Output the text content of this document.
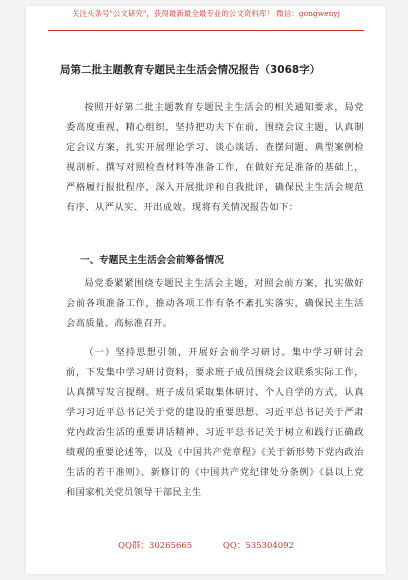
关注头条号"公文研究"，获得最新最全最专业的公文资料库！ 微信：gongwenyj
局第二批主题教育专题民主生活会情况报告（3068字）
按照开好第二批主题教育专题民主生活会的相关通知要求，局党委高度重视，精心组织，坚持把功夫下在前，围绕会议主题，认真制定会议方案，扎实开展理论学习、谈心谈话、查摆问题、典型案例检视剖析、撰写对照检查材料等准备工作，在做好充足准备的基础上，严格履行报批程序，深入开展批评和自我批评，确保民主生活会规范有序、从严从实、开出成效。现将有关情况报告如下：
一、专题民主生活会会前筹备情况
局党委紧紧围绕专题民主生活会主题，对照会前方案，扎实做好会前各项准备工作，推动各项工作有条不紊扎实落实，确保民主生活会高质量、高标准召开。
（一）坚持思想引领，开展好会前学习研讨。集中学习研讨会前，下发集中学习研讨资料，要求班子成员围绕会议联系实际工作，认真撰写发言提纲。班子成员采取集体研讨、个人自学的方式，认真学习习近平总书记关于党的建设的重要思想、习近平总书记关于严肃党内政治生活的重要讲话精神、习近平总书记关于树立和践行正确政绩观的重要论述等，以及《中国共产党章程》《关于新形势下党内政治生活的若干准则》、新修订的《中国共产党纪律处分条例》《县以上党和国家机关党员领导干部民主生
QQ群：30265665	QQ：535304092
